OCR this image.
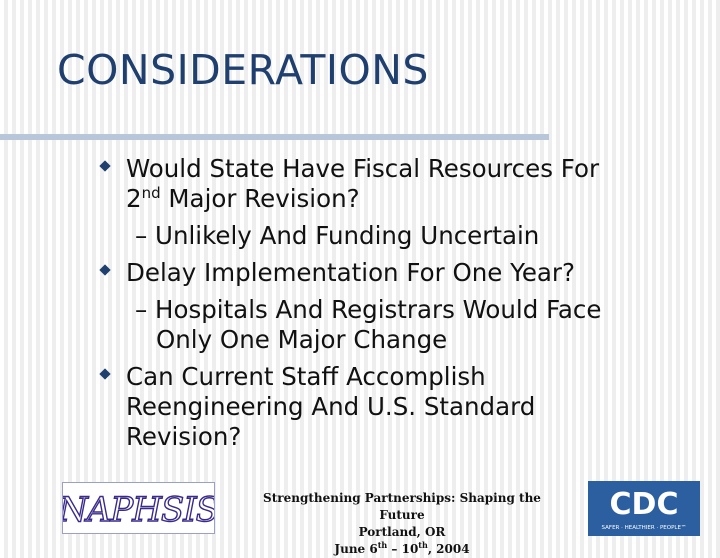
CONSIDERATIONS
Would State Have Fiscal Resources For
2nd Major Revision?
– Unlikely And Funding Uncertain
Delay Implementation For One Year?
– Hospitals And Registrars Would Face
Only One Major Change
Can Current Staff Accomplish
Reengineering And U.S. Standard
Revision?
NAPHSIS	Strengthening Partnerships: Shaping the Future
Portland, OR
June 6th – 10th, 2004
CDC
SAFER · HEALTHIER · PEOPLE™
